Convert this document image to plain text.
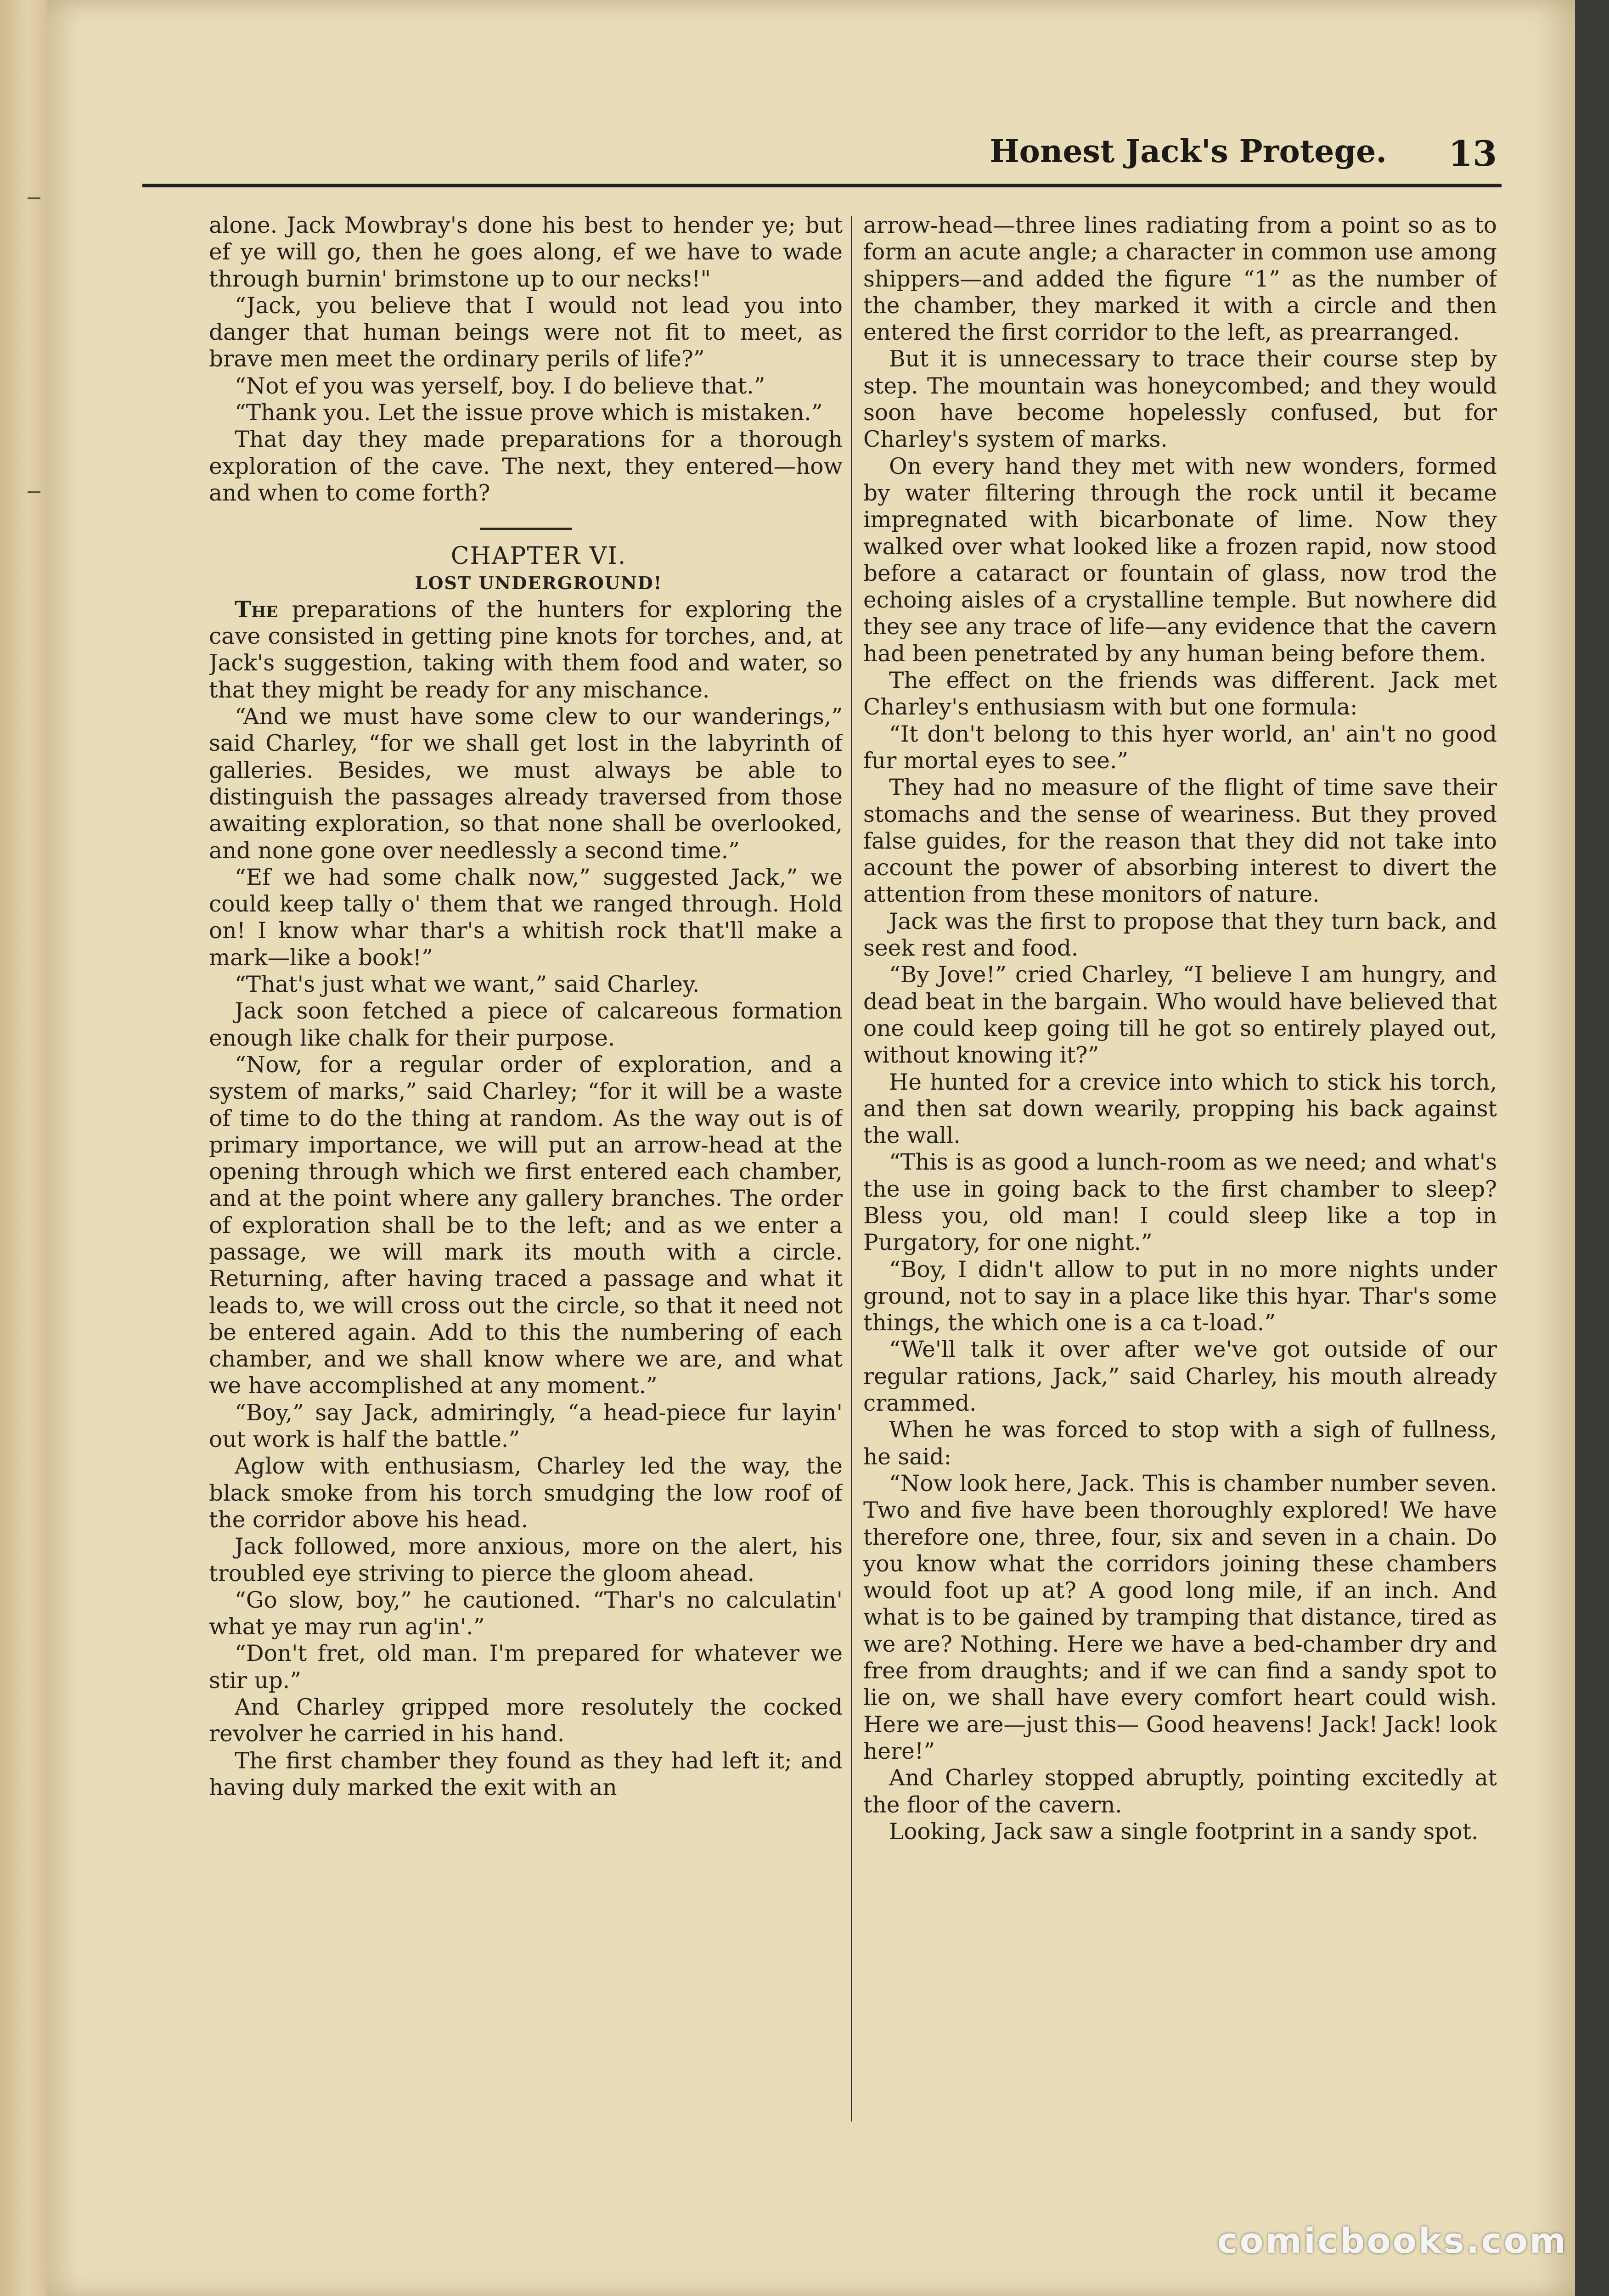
Honest Jack's Protege. 13

alone. Jack Mowbray's done his best to hender ye; but ef ye will go, then he goes along, ef we have to wade through burnin' brimstone up to our necks!"

“Jack, you believe that I would not lead you into danger that human beings were not fit to meet, as brave men meet the ordinary perils of life?”

“Not ef you was yerself, boy. I do believe that.”

“Thank you. Let the issue prove which is mistaken.”

That day they made preparations for a thorough exploration of the cave. The next, they entered—how and when to come forth?

CHAPTER VI.

LOST UNDERGROUND!

The preparations of the hunters for exploring the cave consisted in getting pine knots for torches, and, at Jack's suggestion, taking with them food and water, so that they might be ready for any mischance.

“And we must have some clew to our wanderings,” said Charley, “for we shall get lost in the labyrinth of galleries. Besides, we must always be able to distinguish the passages already traversed from those awaiting exploration, so that none shall be overlooked, and none gone over needlessly a second time.”

“Ef we had some chalk now,” suggested Jack,” we could keep tally o' them that we ranged through. Hold on! I know whar thar's a whitish rock that'll make a mark—like a book!”

“That's just what we want,” said Charley.

Jack soon fetched a piece of calcareous formation enough like chalk for their purpose.

“Now, for a regular order of exploration, and a system of marks,” said Charley; “for it will be a waste of time to do the thing at random. As the way out is of primary importance, we will put an arrow-head at the opening through which we first entered each chamber, and at the point where any gallery branches. The order of exploration shall be to the left; and as we enter a passage, we will mark its mouth with a circle. Returning, after having traced a passage and what it leads to, we will cross out the circle, so that it need not be entered again. Add to this the numbering of each chamber, and we shall know where we are, and what we have accomplished at any moment.”

“Boy,” say Jack, admiringly, “a head-piece fur layin' out work is half the battle.”

Aglow with enthusiasm, Charley led the way, the black smoke from his torch smudging the low roof of the corridor above his head.

Jack followed, more anxious, more on the alert, his troubled eye striving to pierce the gloom ahead.

“Go slow, boy,” he cautioned. “Thar's no calculatin' what ye may run ag'in'.”

“Don't fret, old man. I'm prepared for whatever we stir up.”

And Charley gripped more resolutely the cocked revolver he carried in his hand.

The first chamber they found as they had left it; and having duly marked the exit with an

arrow-head—three lines radiating from a point so as to form an acute angle; a character in common use among shippers—and added the figure “1” as the number of the chamber, they marked it with a circle and then entered the first corridor to the left, as prearranged.

But it is unnecessary to trace their course step by step. The mountain was honeycombed; and they would soon have become hopelessly confused, but for Charley's system of marks.

On every hand they met with new wonders, formed by water filtering through the rock until it became impregnated with bicarbonate of lime. Now they walked over what looked like a frozen rapid, now stood before a cataract or fountain of glass, now trod the echoing aisles of a crystalline temple. But nowhere did they see any trace of life—any evidence that the cavern had been penetrated by any human being before them.

The effect on the friends was different. Jack met Charley's enthusiasm with but one formula:

“It don't belong to this hyer world, an' ain't no good fur mortal eyes to see.”

They had no measure of the flight of time save their stomachs and the sense of weariness. But they proved false guides, for the reason that they did not take into account the power of absorbing interest to divert the attention from these monitors of nature.

Jack was the first to propose that they turn back, and seek rest and food.

“By Jove!” cried Charley, “I believe I am hungry, and dead beat in the bargain. Who would have believed that one could keep going till he got so entirely played out, without knowing it?”

He hunted for a crevice into which to stick his torch, and then sat down wearily, propping his back against the wall.

“This is as good a lunch-room as we need; and what's the use in going back to the first chamber to sleep? Bless you, old man! I could sleep like a top in Purgatory, for one night.”

“Boy, I didn't allow to put in no more nights under ground, not to say in a place like this hyar. Thar's some things, the which one is a ca t-load.”

“We'll talk it over after we've got outside of our regular rations, Jack,” said Charley, his mouth already crammed.

When he was forced to stop with a sigh of fullness, he said:

“Now look here, Jack. This is chamber number seven. Two and five have been thoroughly explored! We have therefore one, three, four, six and seven in a chain. Do you know what the corridors joining these chambers would foot up at? A good long mile, if an inch. And what is to be gained by tramping that distance, tired as we are? Nothing. Here we have a bed-chamber dry and free from draughts; and if we can find a sandy spot to lie on, we shall have every comfort heart could wish. Here we are—just this— Good heavens! Jack! Jack! look here!”

And Charley stopped abruptly, pointing excitedly at the floor of the cavern.

Looking, Jack saw a single footprint in a sandy spot.

comicbooks.com
